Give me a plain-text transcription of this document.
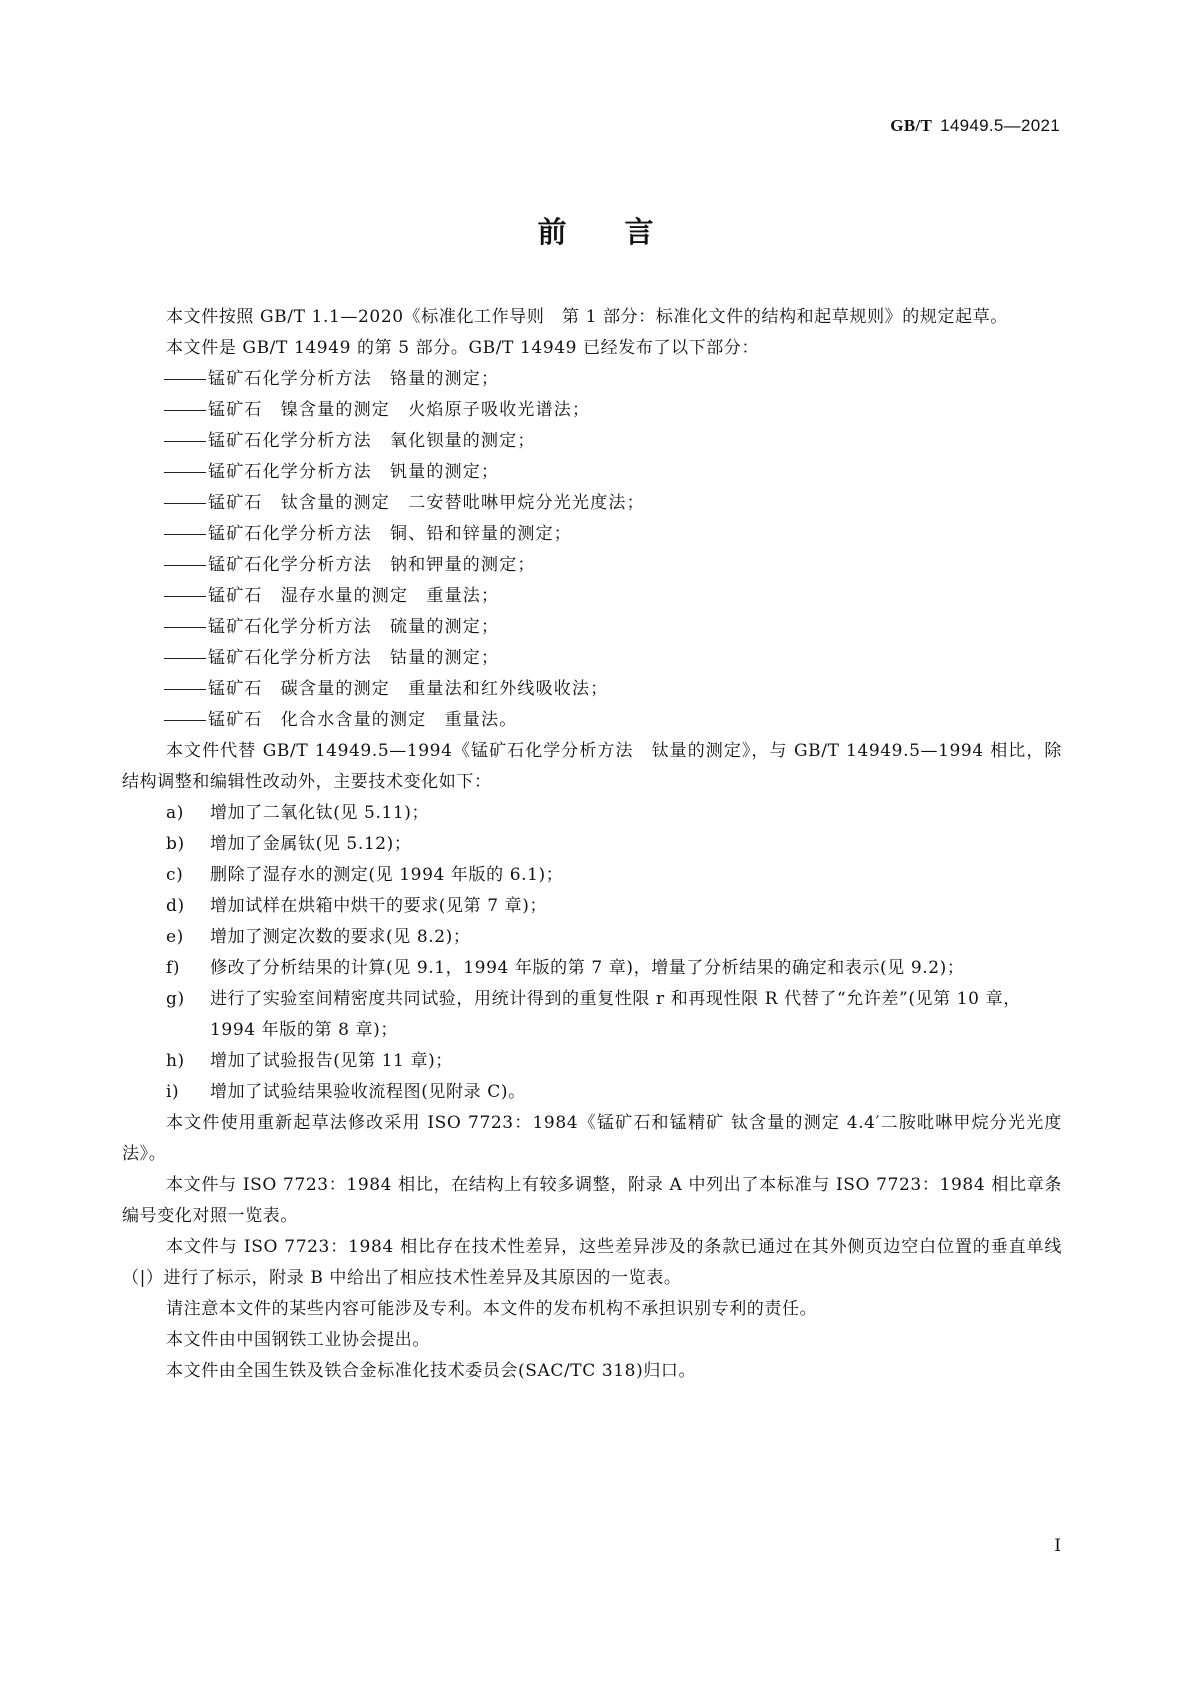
GB/T 14949.5—2021
前言

本文件按照 GB/T 1.1—2020《标准化工作导则　第 1 部分：标准化文件的结构和起草规则》的规定起草。

本文件是 GB/T 14949 的第 5 部分。GB/T 14949 已经发布了以下部分：

锰矿石化学分析方法　铬量的测定；

锰矿石　镍含量的测定　火焰原子吸收光谱法；

锰矿石化学分析方法　氧化钡量的测定；

锰矿石化学分析方法　钒量的测定；

锰矿石　钛含量的测定　二安替吡啉甲烷分光光度法；

锰矿石化学分析方法　铜、铅和锌量的测定；

锰矿石化学分析方法　钠和钾量的测定；

锰矿石　湿存水量的测定　重量法；

锰矿石化学分析方法　硫量的测定；

锰矿石化学分析方法　钴量的测定；

锰矿石　碳含量的测定　重量法和红外线吸收法；

锰矿石　化合水含量的测定　重量法。

本文件代替 GB/T 14949.5—1994《锰矿石化学分析方法　钛量的测定》，与 GB/T 14949.5—1994 相比，除结构调整和编辑性改动外，主要技术变化如下：

a) 增加了二氧化钛(见 5.11)；

b) 增加了金属钛(见 5.12)；

c) 删除了湿存水的测定(见 1994 年版的 6.1)；

d) 增加试样在烘箱中烘干的要求(见第 7 章)；

e) 增加了测定次数的要求(见 8.2)；

f) 修改了分析结果的计算(见 9.1，1994 年版的第 7 章)，增量了分析结果的确定和表示(见 9.2)；

g) 进行了实验室间精密度共同试验，用统计得到的重复性限 r 和再现性限 R 代替了“允许差”(见第 10 章，1994 年版的第 8 章)；

h) 增加了试验报告(见第 11 章)；

i) 增加了试验结果验收流程图(见附录 C)。

本文件使用重新起草法修改采用 ISO 7723：1984《锰矿石和锰精矿 钛含量的测定 4.4′二胺吡啉甲烷分光光度法》。

本文件与 ISO 7723：1984 相比，在结构上有较多调整，附录 A 中列出了本标准与 ISO 7723：1984 相比章条编号变化对照一览表。

本文件与 ISO 7723：1984 相比存在技术性差异，这些差异涉及的条款已通过在其外侧页边空白位置的垂直单线（|）进行了标示，附录 B 中给出了相应技术性差异及其原因的一览表。

请注意本文件的某些内容可能涉及专利。本文件的发布机构不承担识别专利的责任。

本文件由中国钢铁工业协会提出。

本文件由全国生铁及铁合金标准化技术委员会(SAC/TC 318)归口。

I
